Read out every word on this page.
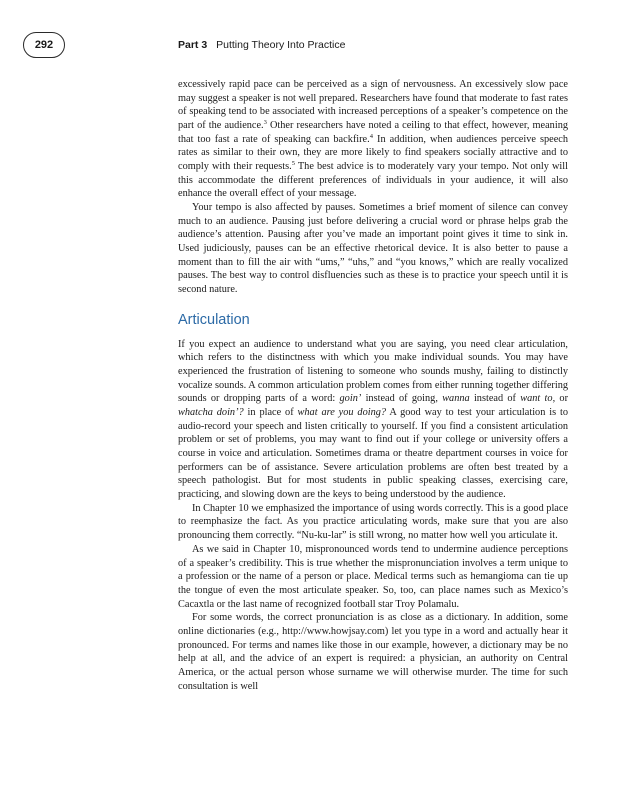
292	Part 3 Putting Theory Into Practice

excessively rapid pace can be perceived as a sign of nervousness. An excessively slow pace may suggest a speaker is not well prepared. Researchers have found that moderate to fast rates of speaking tend to be associated with increased perceptions of a speaker’s competence on the part of the audience.$^3$ Other researchers have noted a ceiling to that effect, however, meaning that too fast a rate of speaking can backfire.$^4$ In addition, when audiences perceive speech rates as similar to their own, they are more likely to find speakers socially attractive and to comply with their requests.$^5$ The best advice is to moderately vary your tempo. Not only will this accommodate the different preferences of individuals in your audience, it will also enhance the overall effect of your message.

Your tempo is also affected by pauses. Sometimes a brief moment of silence can convey much to an audience. Pausing just before delivering a crucial word or phrase helps grab the audience’s attention. Pausing after you’ve made an important point gives it time to sink in. Used judiciously, pauses can be an effective rhetorical device. It is also better to pause a moment than to fill the air with “ums,” “uhs,” and “you knows,” which are really vocalized pauses. The best way to control disfluencies such as these is to practice your speech until it is second nature.

Articulation

If you expect an audience to understand what you are saying, you need clear articulation, which refers to the distinctness with which you make individual sounds. You may have experienced the frustration of listening to someone who sounds mushy, failing to distinctly vocalize sounds. A common articulation problem comes from either running together differing sounds or dropping parts of a word: goin’ instead of going, wanna instead of want to, or whatcha doin’? in place of what are you doing? A good way to test your articulation is to audio-record your speech and listen critically to yourself. If you find a consistent articulation problem or set of problems, you may want to find out if your college or university offers a course in voice and articulation. Sometimes drama or theatre department courses in voice for performers can be of assistance. Severe articulation problems are often best treated by a speech pathologist. But for most students in public speaking classes, exercising care, practicing, and slowing down are the keys to being understood by the audience.

In Chapter 10 we emphasized the importance of using words correctly. This is a good place to reemphasize the fact. As you practice articulating words, make sure that you are also pronouncing them correctly. “Nu-ku-lar” is still wrong, no matter how well you articulate it.

As we said in Chapter 10, mispronounced words tend to undermine audience perceptions of a speaker’s credibility. This is true whether the mispronunciation involves a term unique to a profession or the name of a person or place. Medical terms such as hemangioma can tie up the tongue of even the most articulate speaker. So, too, can place names such as Mexico’s Cacaxtla or the last name of recognized football star Troy Polamalu.

For some words, the correct pronunciation is as close as a dictionary. In addition, some online dictionaries (e.g., http://www.howjsay.com) let you type in a word and actually hear it pronounced. For terms and names like those in our example, however, a dictionary may be no help at all, and the advice of an expert is required: a physician, an authority on Central America, or the actual person whose surname we will otherwise murder. The time for such consultation is well
